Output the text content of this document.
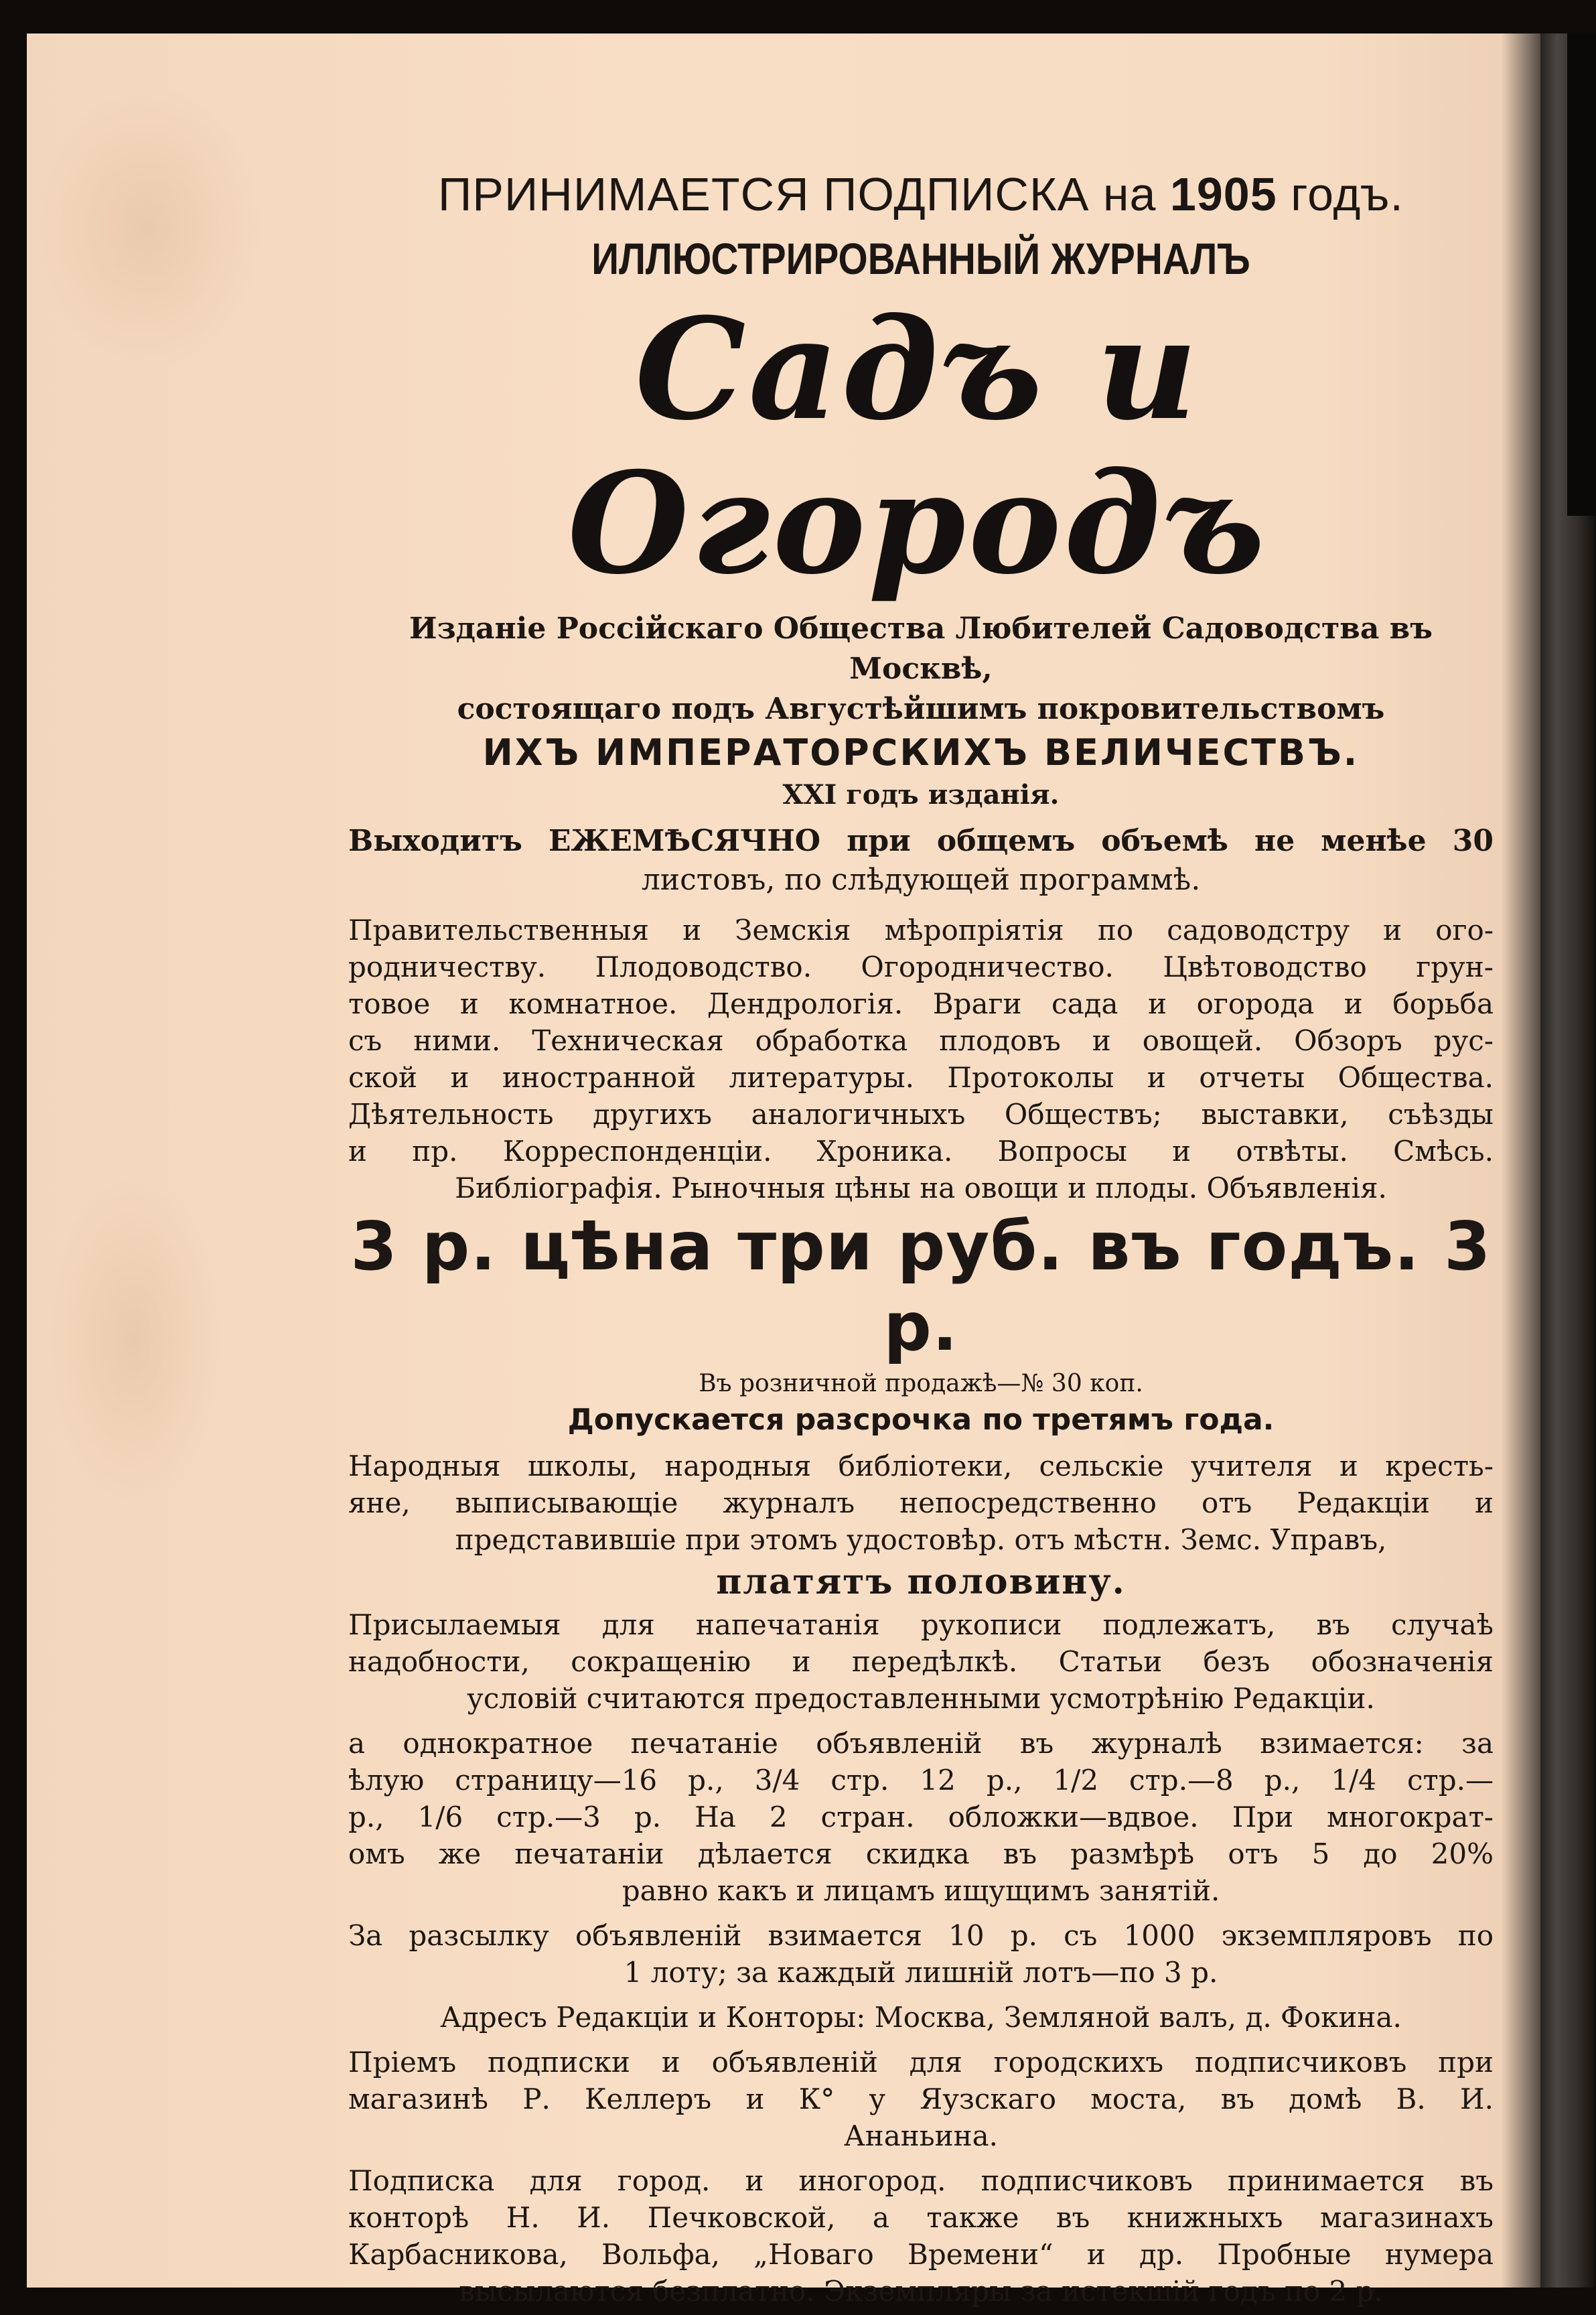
ПРИНИМАЕТСЯ ПОДПИСКА на 1905 годъ.

ИЛЛЮСТРИРОВАННЫЙ ЖУРНАЛЪ

Садъ и Огородъ

Изданіе Россійскаго Общества Любителей Садоводства въ Москвѣ,

состоящаго подъ Августѣйшимъ покровительствомъ

ИХЪ ИМПЕРАТОРСКИХЪ ВЕЛИЧЕСТВЪ.

XXI годъ изданія.

Выходитъ ЕЖЕМѢСЯЧНО при общемъ объемѣ не менѣе 30

листовъ, по слѣдующей программѣ.

Правительственныя и Земскія мѣропріятія по садоводстру и ого-

родничеству. Плодоводство. Огородничество. Цвѣтоводство грун-

товое и комнатное. Дендрологія. Враги сада и огорода и борьба

съ ними. Техническая обработка плодовъ и овощей. Обзоръ рус-

ской и иностранной литературы. Протоколы и отчеты Общества.

Дѣятельность другихъ аналогичныхъ Обществъ; выставки, съѣзды

и пр. Корреспонденціи. Хроника. Вопросы и отвѣты. Смѣсь.

Библіографія. Рыночныя цѣны на овощи и плоды. Объявленія.

3 р. цѣна три руб. въ годъ. 3 р.

Въ розничной продажѣ—№ 30 коп.

Допускается разсрочка по третямъ года.

Народныя школы, народныя библіотеки, сельскіе учителя и кресть-

яне, выписывающіе журналъ непосредственно отъ Редакціи и

представившіе при этомъ удостовѣр. отъ мѣстн. Земс. Управъ,

платятъ половину.

Присылаемыя для напечатанія рукописи подлежатъ, въ случаѣ

надобности, сокращенію и передѣлкѣ. Статьи безъ обозначенія

условій считаются предоставленными усмотрѣнію Редакціи.

а однократное печатаніе объявленій въ журналѣ взимается: за

ѣлую страницу—16 р., 3/4 стр. 12 р., 1/2 стр.—8 р., 1/4 стр.—

р., 1/6 стр.—3 р. На 2 стран. обложки—вдвое. При многократ-

омъ же печатаніи дѣлается скидка въ размѣрѣ отъ 5 до 20%

равно какъ и лицамъ ищущимъ занятій.

За разсылку объявленій взимается 10 р. съ 1000 экземпляровъ по

1 лоту; за каждый лишній лотъ—по 3 р.

Адресъ Редакціи и Конторы: Москва, Земляной валъ, д. Фокина.

Пріемъ подписки и объявленій для городскихъ подписчиковъ при

магазинѣ Р. Келлеръ и К° у Яузскаго моста, въ домѣ В. И.

Ананьина.

Подписка для город. и иногород. подписчиковъ принимается въ

конторѣ Н. И. Печковской, а также въ книжныхъ магазинахъ

Карбасникова, Вольфа, „Новаго Времени“ и др. Пробные нумера

высылаются безплатно. Экземпляры за истекшій годъ по 2 р.
